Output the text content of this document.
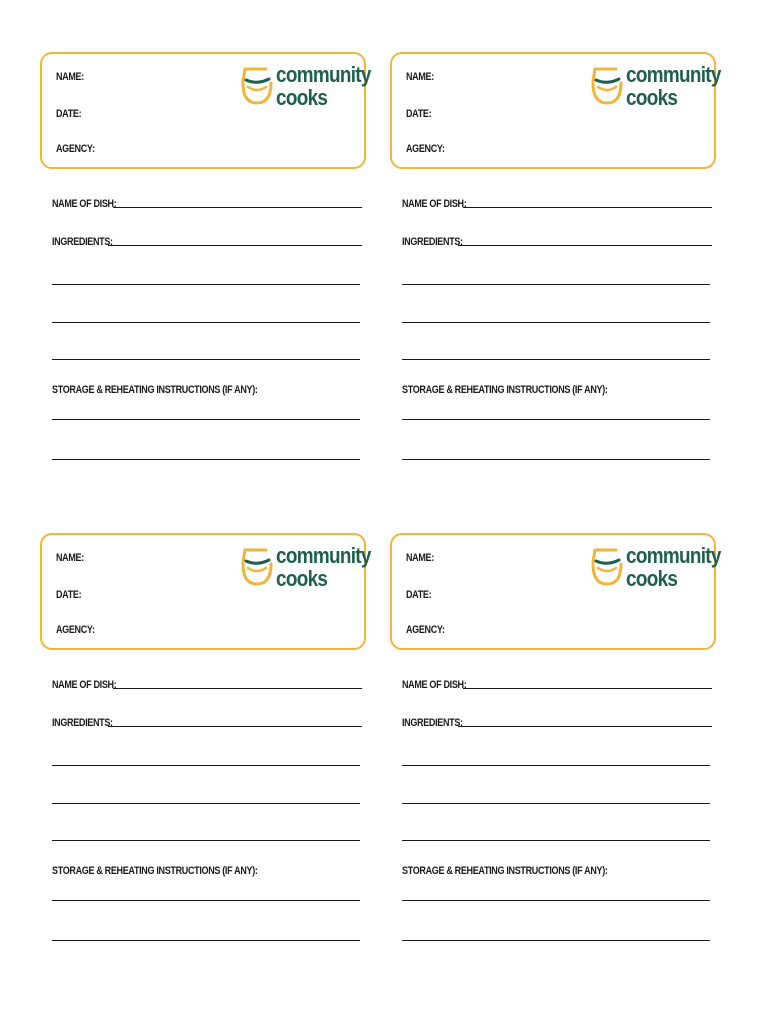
NAME:
DATE:
AGENCY:
community
cooks
NAME OF DISH:
INGREDIENTS:
STORAGE & REHEATING INSTRUCTIONS (IF ANY):
NAME:
DATE:
AGENCY:
community
cooks
NAME OF DISH:
INGREDIENTS:
STORAGE & REHEATING INSTRUCTIONS (IF ANY):
NAME:
DATE:
AGENCY:
community
cooks
NAME OF DISH:
INGREDIENTS:
STORAGE & REHEATING INSTRUCTIONS (IF ANY):
NAME:
DATE:
AGENCY:
community
cooks
NAME OF DISH:
INGREDIENTS:
STORAGE & REHEATING INSTRUCTIONS (IF ANY):
